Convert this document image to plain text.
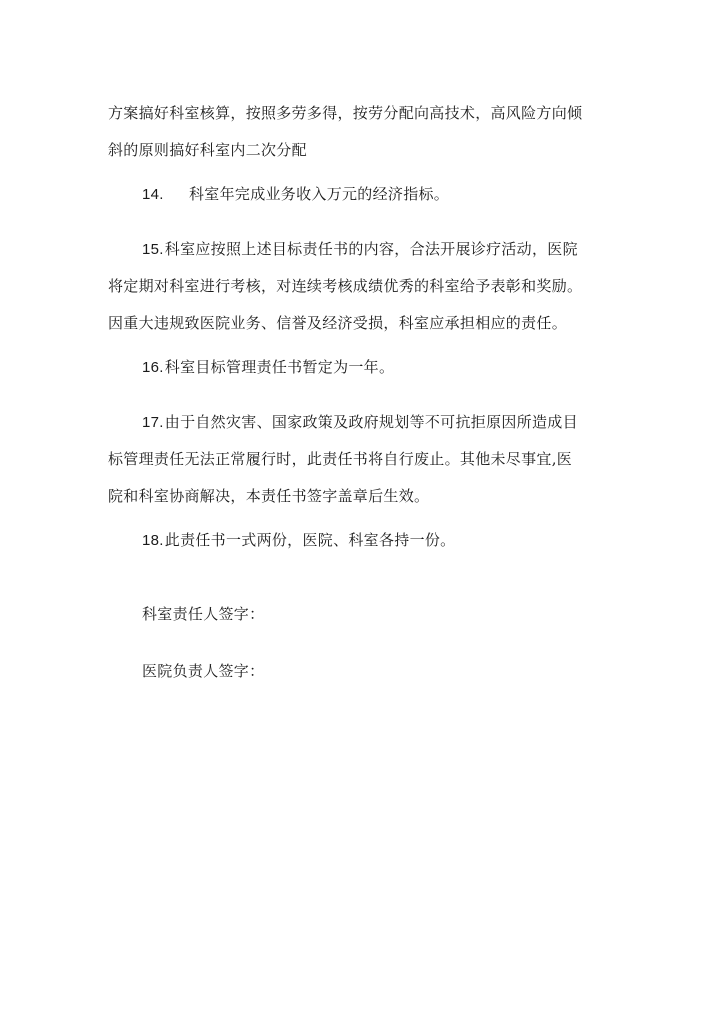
方案搞好科室核算，按照多劳多得，按劳分配向高技术，高风险方向倾
斜的原则搞好科室内二次分配
14. 科室年完成业务收入万元的经济指标。
15.科室应按照上述目标责任书的内容，合法开展诊疗活动，医院
将定期对科室进行考核，对连续考核成绩优秀的科室给予表彰和奖励。
因重大违规致医院业务、信誉及经济受损，科室应承担相应的责任。
16.科室目标管理责任书暂定为一年。
17.由于自然灾害、国家政策及政府规划等不可抗拒原因所造成目
标管理责任无法正常履行时，此责任书将自行废止。其他未尽事宜,医
院和科室协商解决，本责任书签字盖章后生效。
18.此责任书一式两份，医院、科室各持一份。
科室责任人签字：
医院负责人签字：
